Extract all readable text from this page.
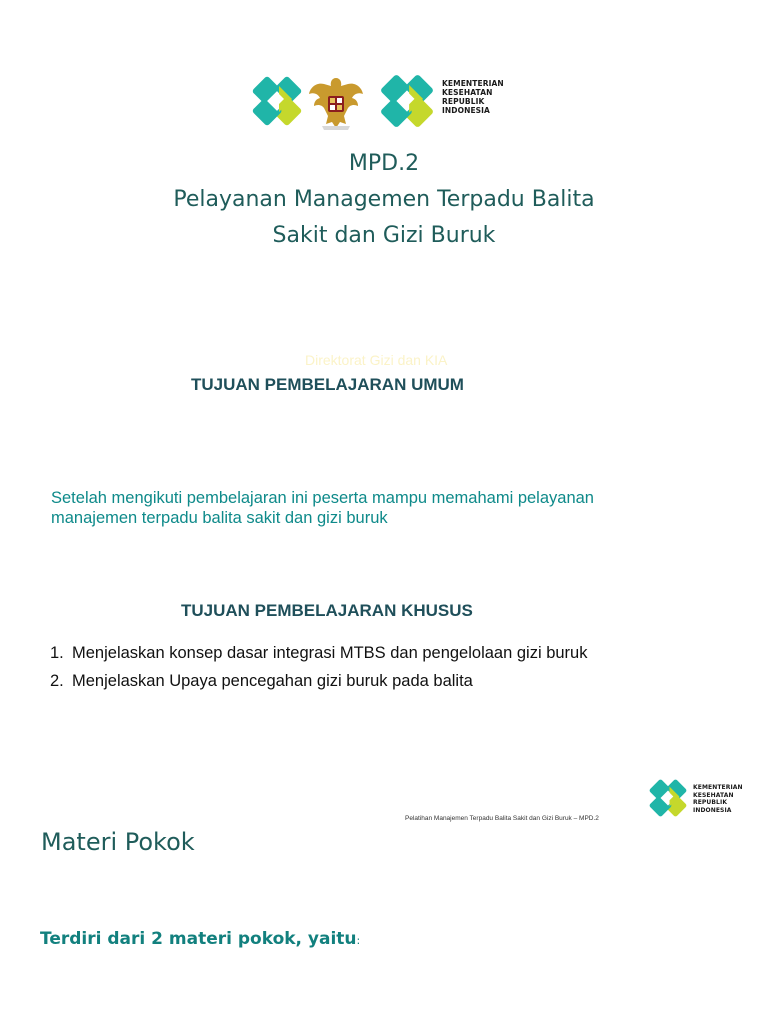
KEMENTERIAN
KESEHATAN
REPUBLIK
INDONESIA
MPD.2
Pelayanan Managemen Terpadu Balita
Sakit dan Gizi Buruk
Direktorat Gizi dan KIA
TUJUAN PEMBELAJARAN UMUM
Setelah mengikuti pembelajaran ini peserta mampu memahami pelayanan manajemen terpadu balita sakit dan gizi buruk
TUJUAN PEMBELAJARAN KHUSUS
1. Menjelaskan konsep dasar integrasi MTBS dan pengelolaan gizi buruk
2. Menjelaskan Upaya pencegahan gizi buruk pada balita
Pelatihan Manajemen Terpadu Balita Sakit dan Gizi Buruk – MPD.2
KEMENTERIAN
KESEHATAN
REPUBLIK
INDONESIA
Materi Pokok
Terdiri dari 2 materi pokok, yaitu:
